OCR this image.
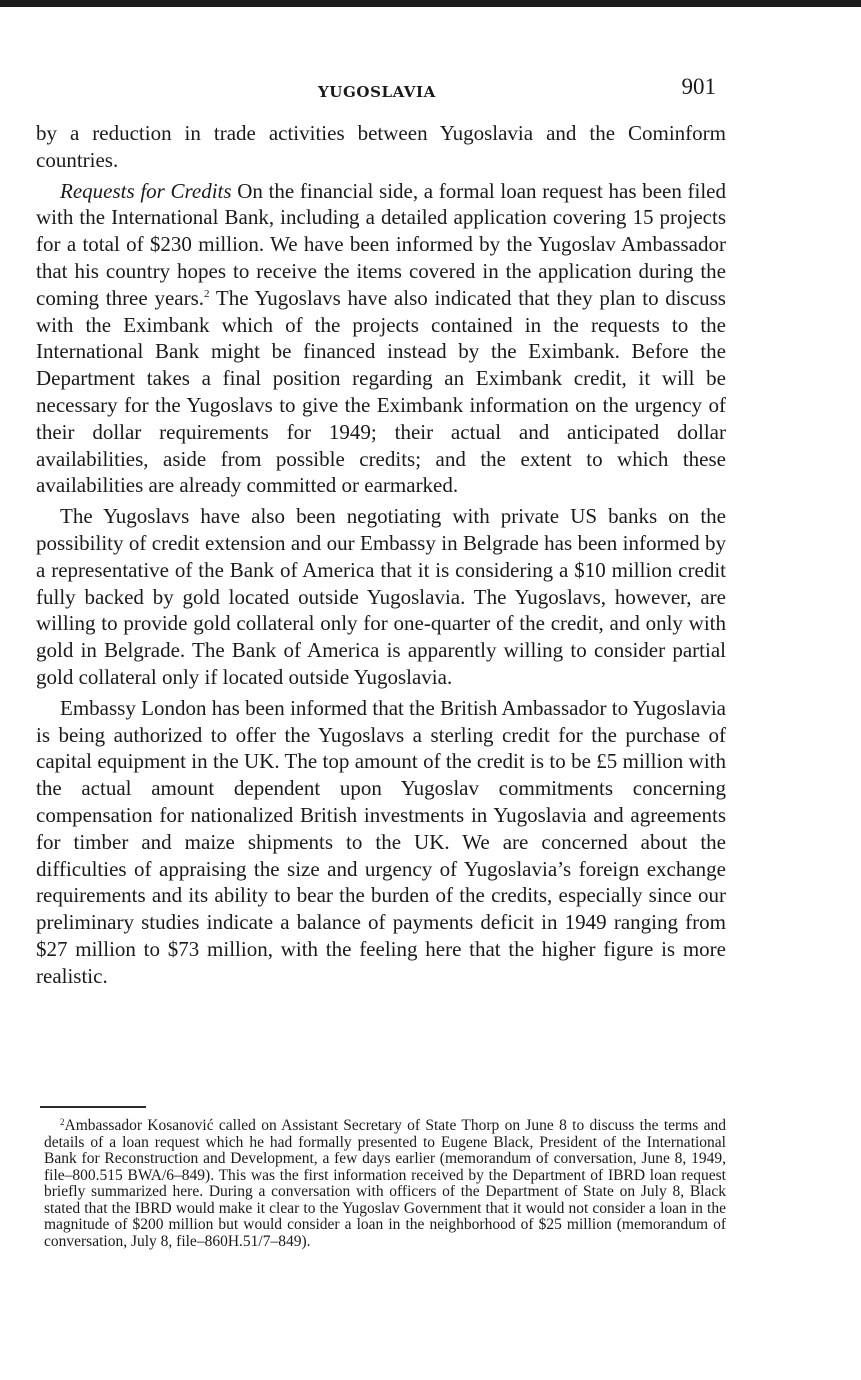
YUGOSLAVIA	901

by a reduction in trade activities between Yugoslavia and the Cominform countries.

Requests for Credits On the financial side, a formal loan request has been filed with the International Bank, including a detailed application covering 15 projects for a total of $230 million. We have been informed by the Yugoslav Ambassador that his country hopes to receive the items covered in the application during the coming three years.$^2$ The Yugoslavs have also indicated that they plan to discuss with the Eximbank which of the projects contained in the requests to the International Bank might be financed instead by the Eximbank. Before the Department takes a final position regarding an Eximbank credit, it will be necessary for the Yugoslavs to give the Eximbank information on the urgency of their dollar requirements for 1949; their actual and anticipated dollar availabilities, aside from possible credits; and the extent to which these availabilities are already committed or earmarked.

The Yugoslavs have also been negotiating with private US banks on the possibility of credit extension and our Embassy in Belgrade has been informed by a representative of the Bank of America that it is considering a $10 million credit fully backed by gold located outside Yugoslavia. The Yugoslavs, however, are willing to provide gold collateral only for one-quarter of the credit, and only with gold in Belgrade. The Bank of America is apparently willing to consider partial gold collateral only if located outside Yugoslavia.

Embassy London has been informed that the British Ambassador to Yugoslavia is being authorized to offer the Yugoslavs a sterling credit for the purchase of capital equipment in the UK. The top amount of the credit is to be £5 million with the actual amount dependent upon Yugoslav commitments concerning compensation for nationalized British investments in Yugoslavia and agreements for timber and maize shipments to the UK. We are concerned about the difficulties of appraising the size and urgency of Yugoslavia’s foreign exchange requirements and its ability to bear the burden of the credits, especially since our preliminary studies indicate a balance of payments deficit in 1949 ranging from $27 million to $73 million, with the feeling here that the higher figure is more realistic.

$^2$Ambassador Kosanović called on Assistant Secretary of State Thorp on June 8 to discuss the terms and details of a loan request which he had formally presented to Eugene Black, President of the International Bank for Reconstruction and Development, a few days earlier (memorandum of conversation, June 8, 1949, file–800.515 BWA/6–849). This was the first information received by the Department of IBRD loan request briefly summarized here. During a conversation with officers of the Department of State on July 8, Black stated that the IBRD would make it clear to the Yugoslav Government that it would not consider a loan in the magnitude of $200 million but would consider a loan in the neighborhood of $25 million (memorandum of conversation, July 8, file–860H.51/7–849).
